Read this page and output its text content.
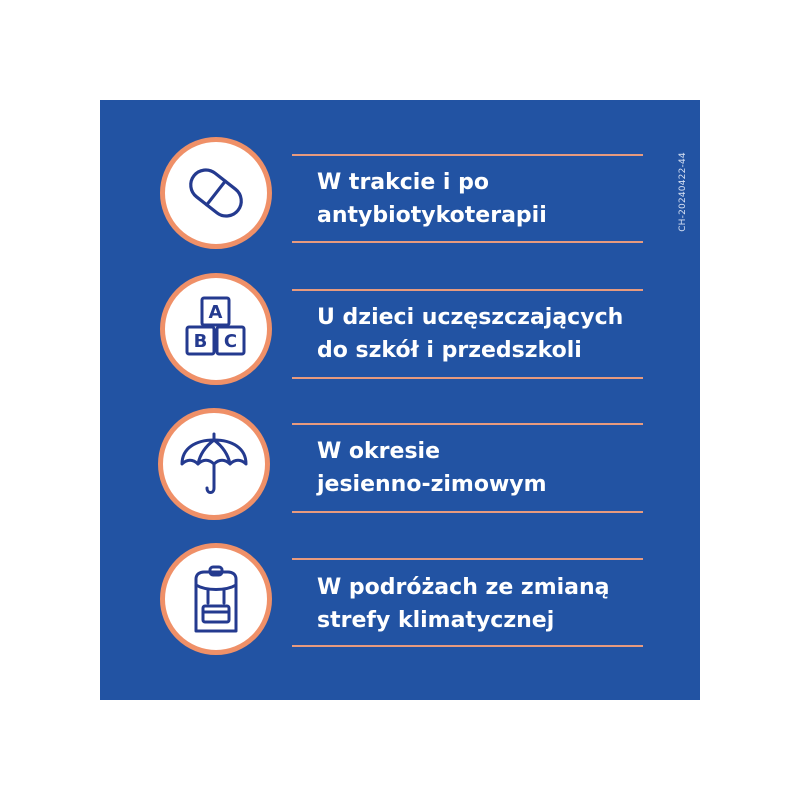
CH-20240422-44
W trakcie i po
antybiotykoterapii
A
B C
U dzieci uczęszczających
do szkół i przedszkoli
W okresie
jesienno-zimowym
W podróżach ze zmianą
strefy klimatycznej
